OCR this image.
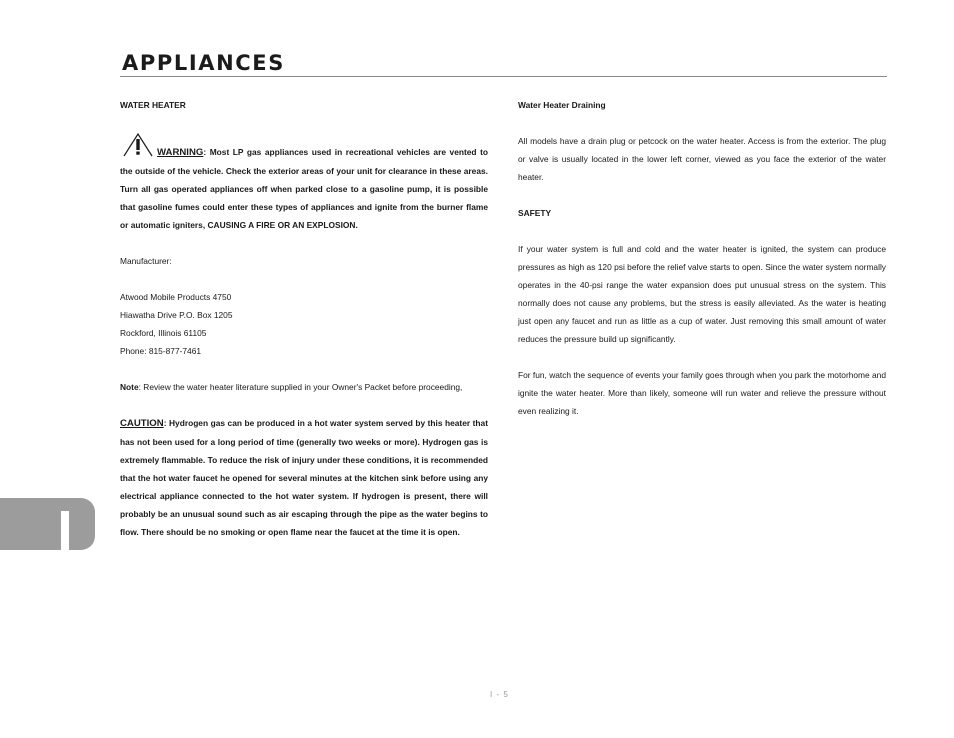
APPLIANCES

WATER HEATER

WARNING: Most LP gas appliances used in recreational vehicles are vented to the outside of the vehicle. Check the exterior areas of your unit for clearance in these areas. Turn all gas operated appliances off when parked close to a gasoline pump, it is possible that gasoline fumes could enter these types of appliances and ignite from the burner flame or automatic igniters, CAUSING A FIRE OR AN EXPLOSION.

Manufacturer:

Atwood Mobile Products 4750

Hiawatha Drive P.O. Box 1205

Rockford, Illinois 61105

Phone: 815-877-7461

Note: Review the water heater literature supplied in your Owner's Packet before proceeding,

CAUTION: Hydrogen gas can be produced in a hot water system served by this heater that has not been used for a long period of time (generally two weeks or more). Hydrogen gas is extremely flammable. To reduce the risk of injury under these conditions, it is recommended that the hot water faucet he opened for several minutes at the kitchen sink before using any electrical appliance connected to the hot water system. If hydrogen is present, there will probably be an unusual sound such as air escaping through the pipe as the water begins to flow. There should be no smoking or open flame near the faucet at the time it is open.

Water Heater Draining

All models have a drain plug or petcock on the water heater. Access is from the exterior. The plug or valve is usually located in the lower left corner, viewed as you face the exterior of the water heater.

SAFETY

If your water system is full and cold and the water heater is ignited, the system can produce pressures as high as 120 psi before the relief valve starts to open. Since the water system normally operates in the 40-psi range the water expansion does put unusual stress on the system. This normally does not cause any problems, but the stress is easily alleviated. As the water is heating just open any faucet and run as little as a cup of water. Just removing this small amount of water reduces the pressure build up significantly.

For fun, watch the sequence of events your family goes through when you park the motorhome and ignite the water heater. More than likely, someone will run water and relieve the pressure without even realizing it.

I - 5
